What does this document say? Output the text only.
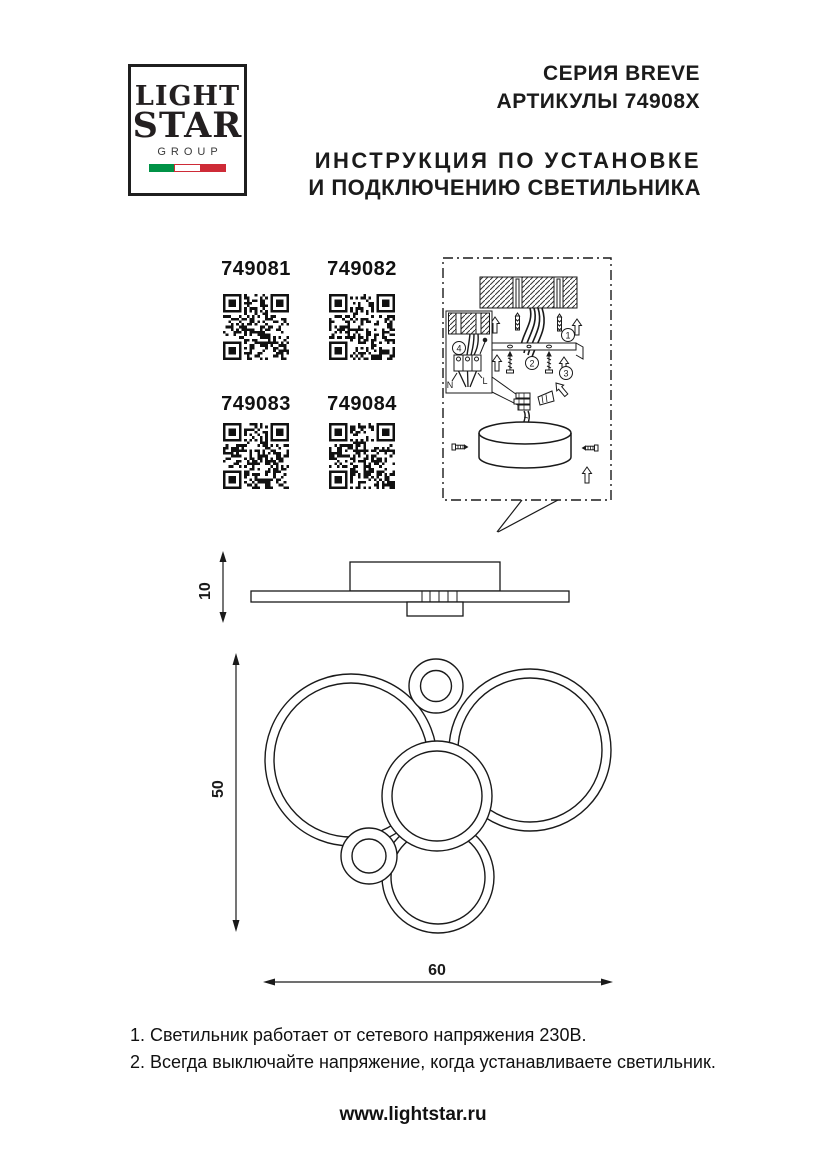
LIGHT
STAR
GROUP
СЕРИЯ BREVE
АРТИКУЛЫ 74908X
ИНСТРУКЦИЯ ПО УСТАНОВКЕ
И ПОДКЛЮЧЕНИЮ СВЕТИЛЬНИКА
749081 749082
749083 749084
1
2
3
N	L
4
10
50
60
1. Светильник работает от сетевого напряжения 230В.
2. Всегда выключайте напряжение, когда устанавливаете светильник.
www.lightstar.ru
